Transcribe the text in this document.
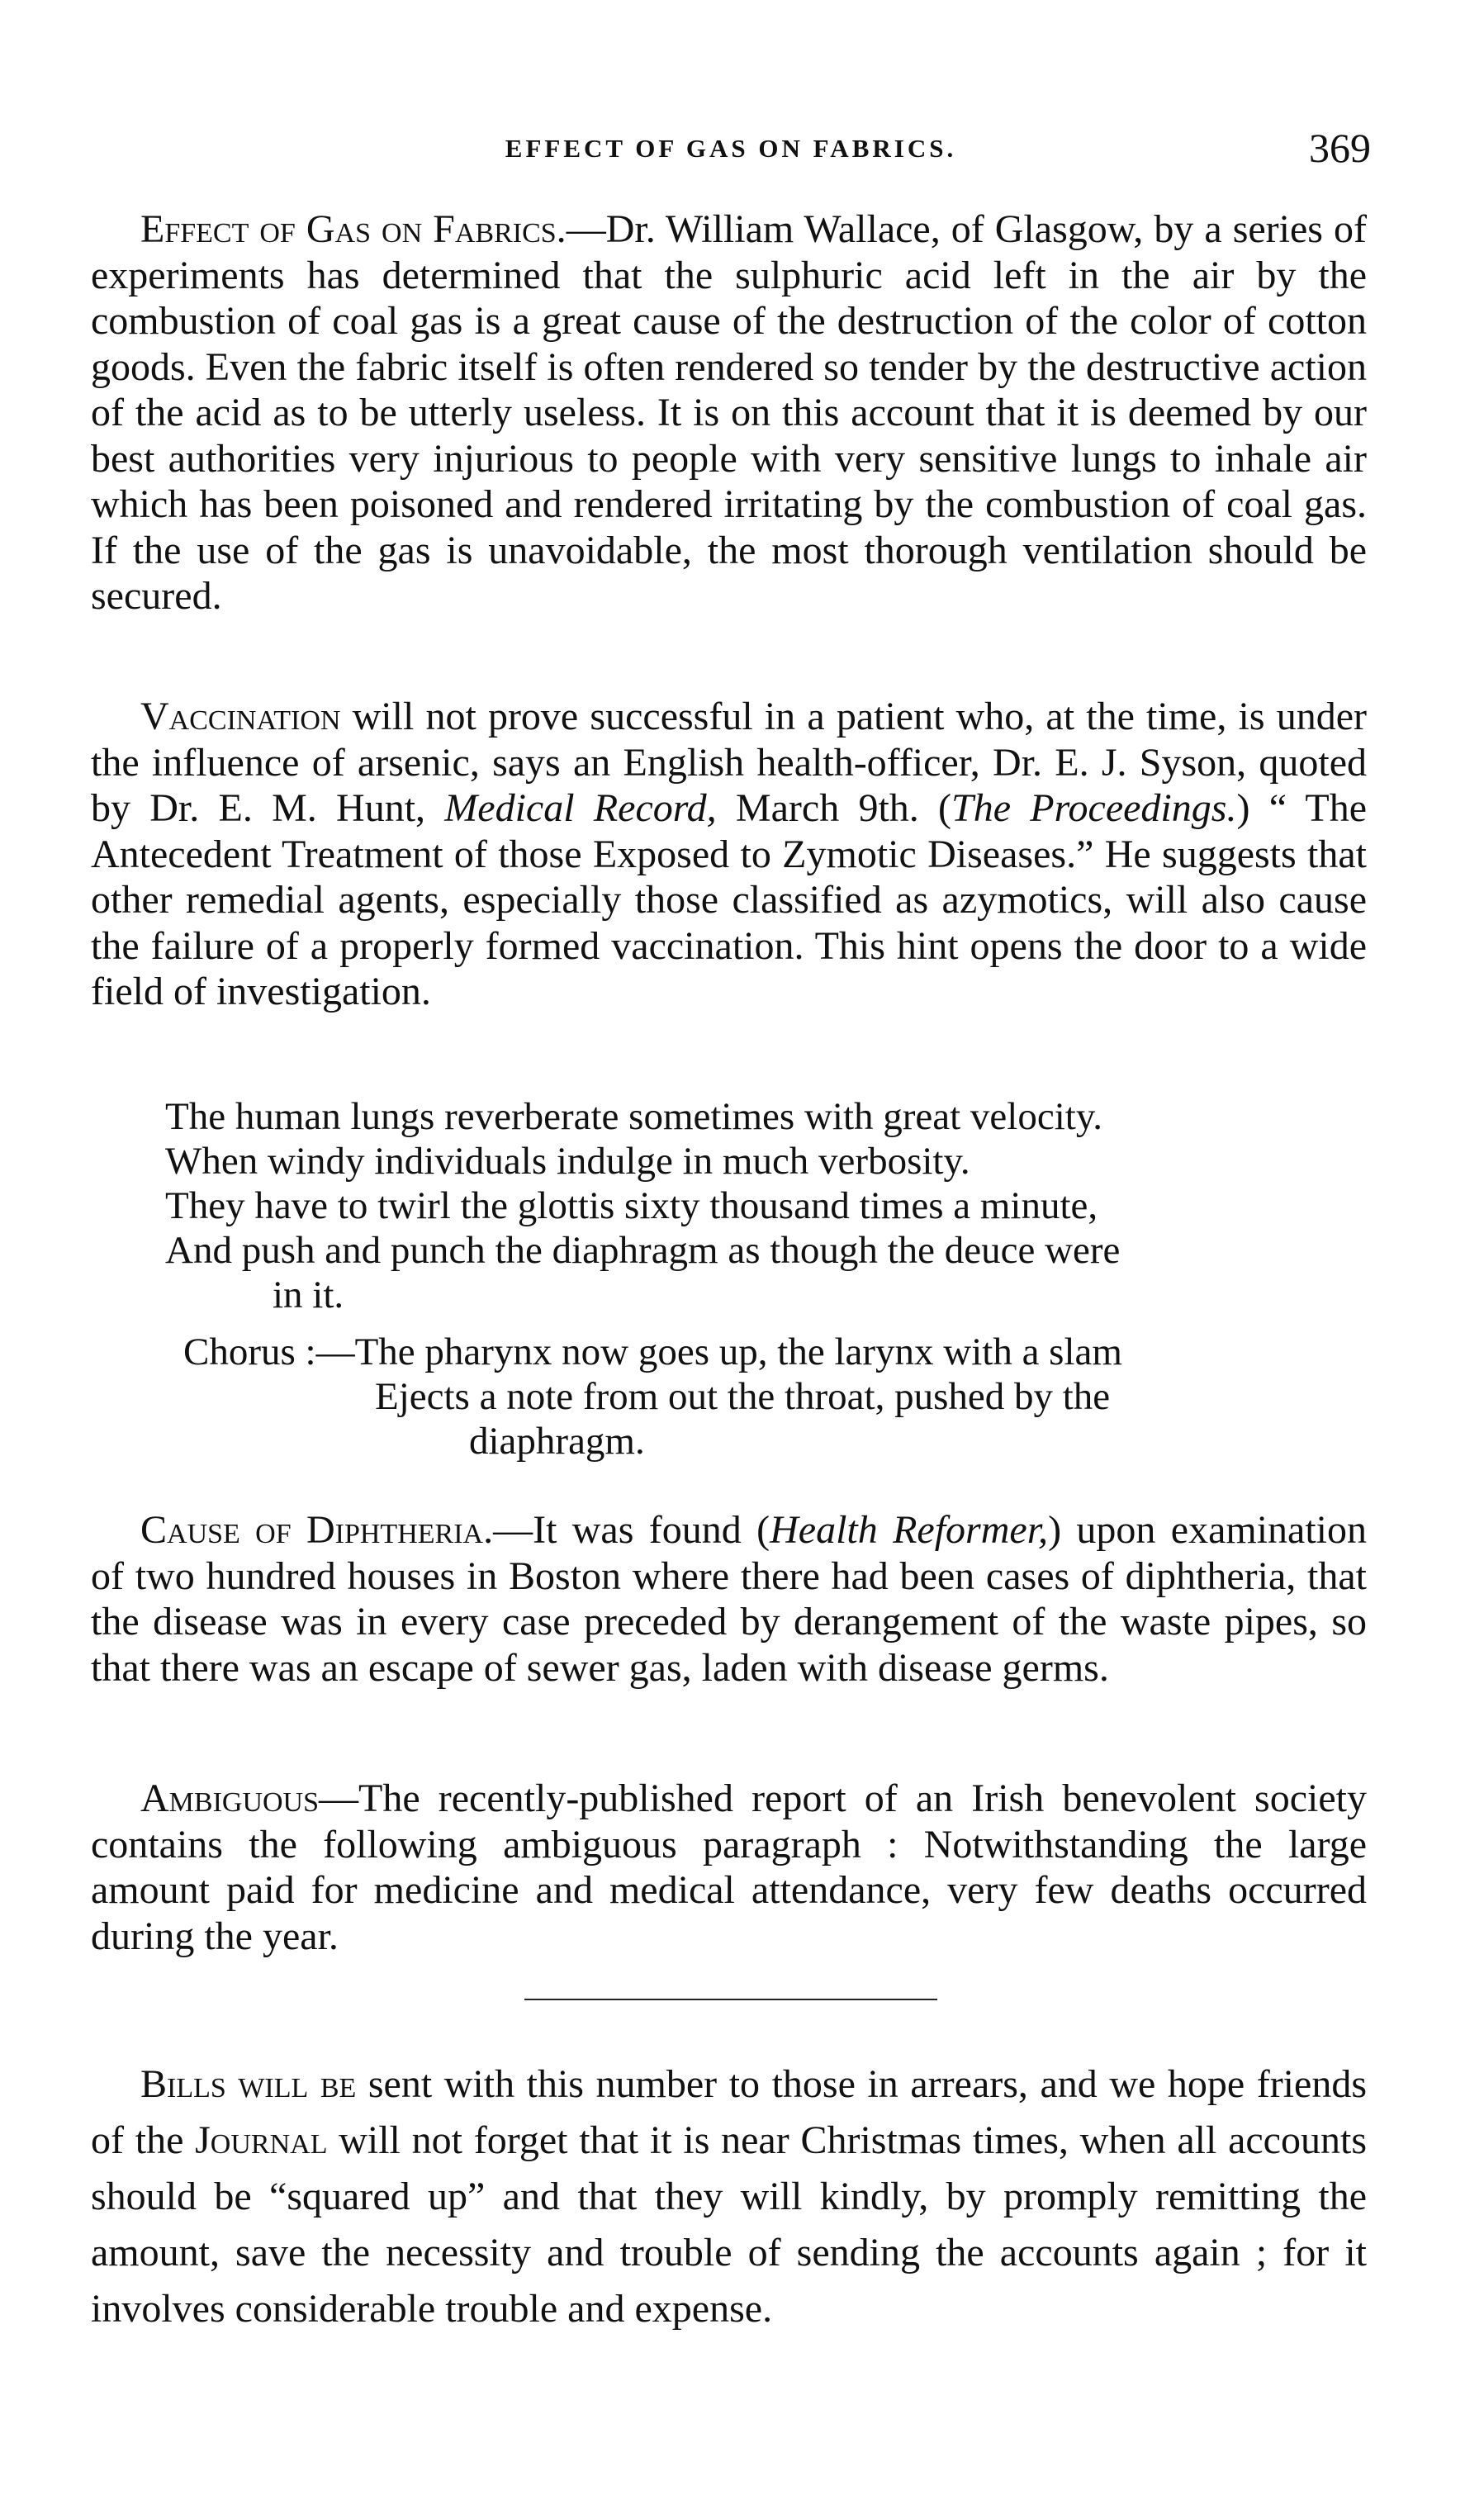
EFFECT OF GAS ON FABRICS.	369

Effect of Gas on Fabrics.—Dr. William Wallace, of Glasgow, by a series of experiments has determined that the sulphuric acid left in the air by the combustion of coal gas is a great cause of the destruction of the color of cotton goods. Even the fabric itself is often rendered so tender by the destructive action of the acid as to be utterly useless. It is on this account that it is deemed by our best authorities very injurious to people with very sensitive lungs to inhale air which has been poisoned and rendered irritating by the combustion of coal gas. If the use of the gas is unavoidable, the most thorough ventilation should be secured.

Vaccination will not prove successful in a patient who, at the time, is under the influence of arsenic, says an English health-officer, Dr. E. J. Syson, quoted by Dr. E. M. Hunt, Medical Record, March 9th. (The Proceedings.) “ The Antecedent Treatment of those Exposed to Zymotic Diseases.” He suggests that other remedial agents, especially those classified as azymotics, will also cause the failure of a properly formed vaccination. This hint opens the door to a wide field of investigation.

The human lungs reverberate sometimes with great velocity.
When windy individuals indulge in much verbosity.
They have to twirl the glottis sixty thousand times a minute,
And push and punch the diaphragm as though the deuce were
in it.
Chorus :—The pharynx now goes up, the larynx with a slam
Ejects a note from out the throat, pushed by the
diaphragm.

Cause of Diphtheria.—It was found (Health Reformer,) upon examination of two hundred houses in Boston where there had been cases of diphtheria, that the disease was in every case preceded by derangement of the waste pipes, so that there was an escape of sewer gas, laden with disease germs.

Ambiguous—The recently-published report of an Irish benevolent society contains the following ambiguous paragraph : Notwithstanding the large amount paid for medicine and medical attendance, very few deaths occurred during the year.

Bills will be sent with this number to those in arrears, and we hope friends of the Journal will not forget that it is near Christmas times, when all accounts should be “squared up” and that they will kindly, by promply remitting the amount, save the necessity and trouble of sending the accounts again ; for it involves considerable trouble and expense.
